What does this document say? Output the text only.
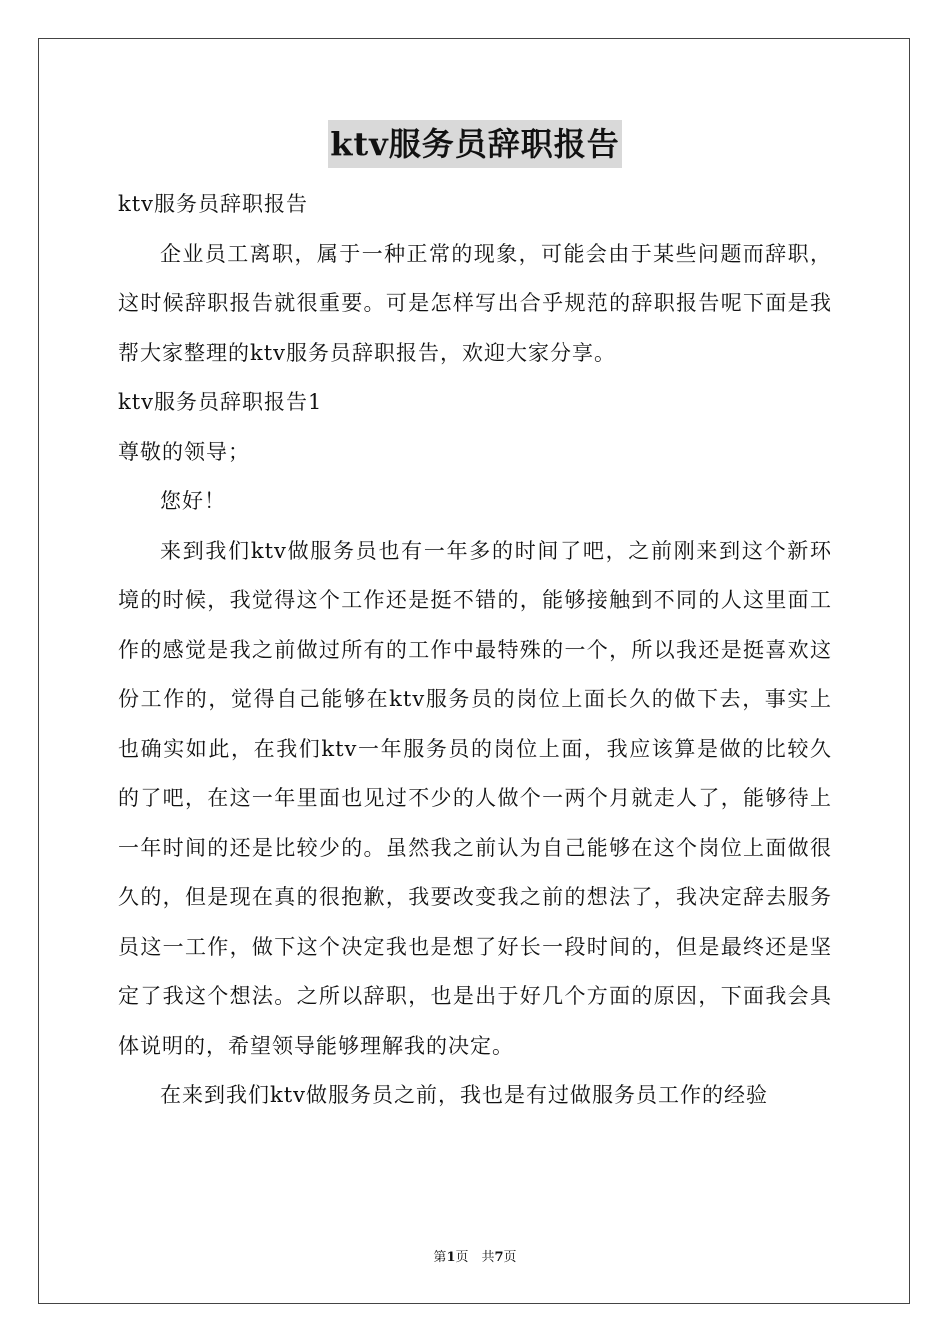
ktv服务员辞职报告

ktv服务员辞职报告

企业员工离职，属于一种正常的现象，可能会由于某些问题而辞职，这时候辞职报告就很重要。可是怎样写出合乎规范的辞职报告呢下面是我帮大家整理的ktv服务员辞职报告，欢迎大家分享。

ktv服务员辞职报告1

尊敬的领导；

您好！

来到我们ktv做服务员也有一年多的时间了吧，之前刚来到这个新环境的时候，我觉得这个工作还是挺不错的，能够接触到不同的人这里面工作的感觉是我之前做过所有的工作中最特殊的一个，所以我还是挺喜欢这份工作的，觉得自己能够在ktv服务员的岗位上面长久的做下去，事实上也确实如此，在我们ktv一年服务员的岗位上面，我应该算是做的比较久的了吧，在这一年里面也见过不少的人做个一两个月就走人了，能够待上一年时间的还是比较少的。虽然我之前认为自己能够在这个岗位上面做很久的，但是现在真的很抱歉，我要改变我之前的想法了，我决定辞去服务员这一工作，做下这个决定我也是想了好长一段时间的，但是最终还是坚定了我这个想法。之所以辞职，也是出于好几个方面的原因，下面我会具体说明的，希望领导能够理解我的决定。

在来到我们ktv做服务员之前，我也是有过做服务员工作的经验

第1页　共7页
